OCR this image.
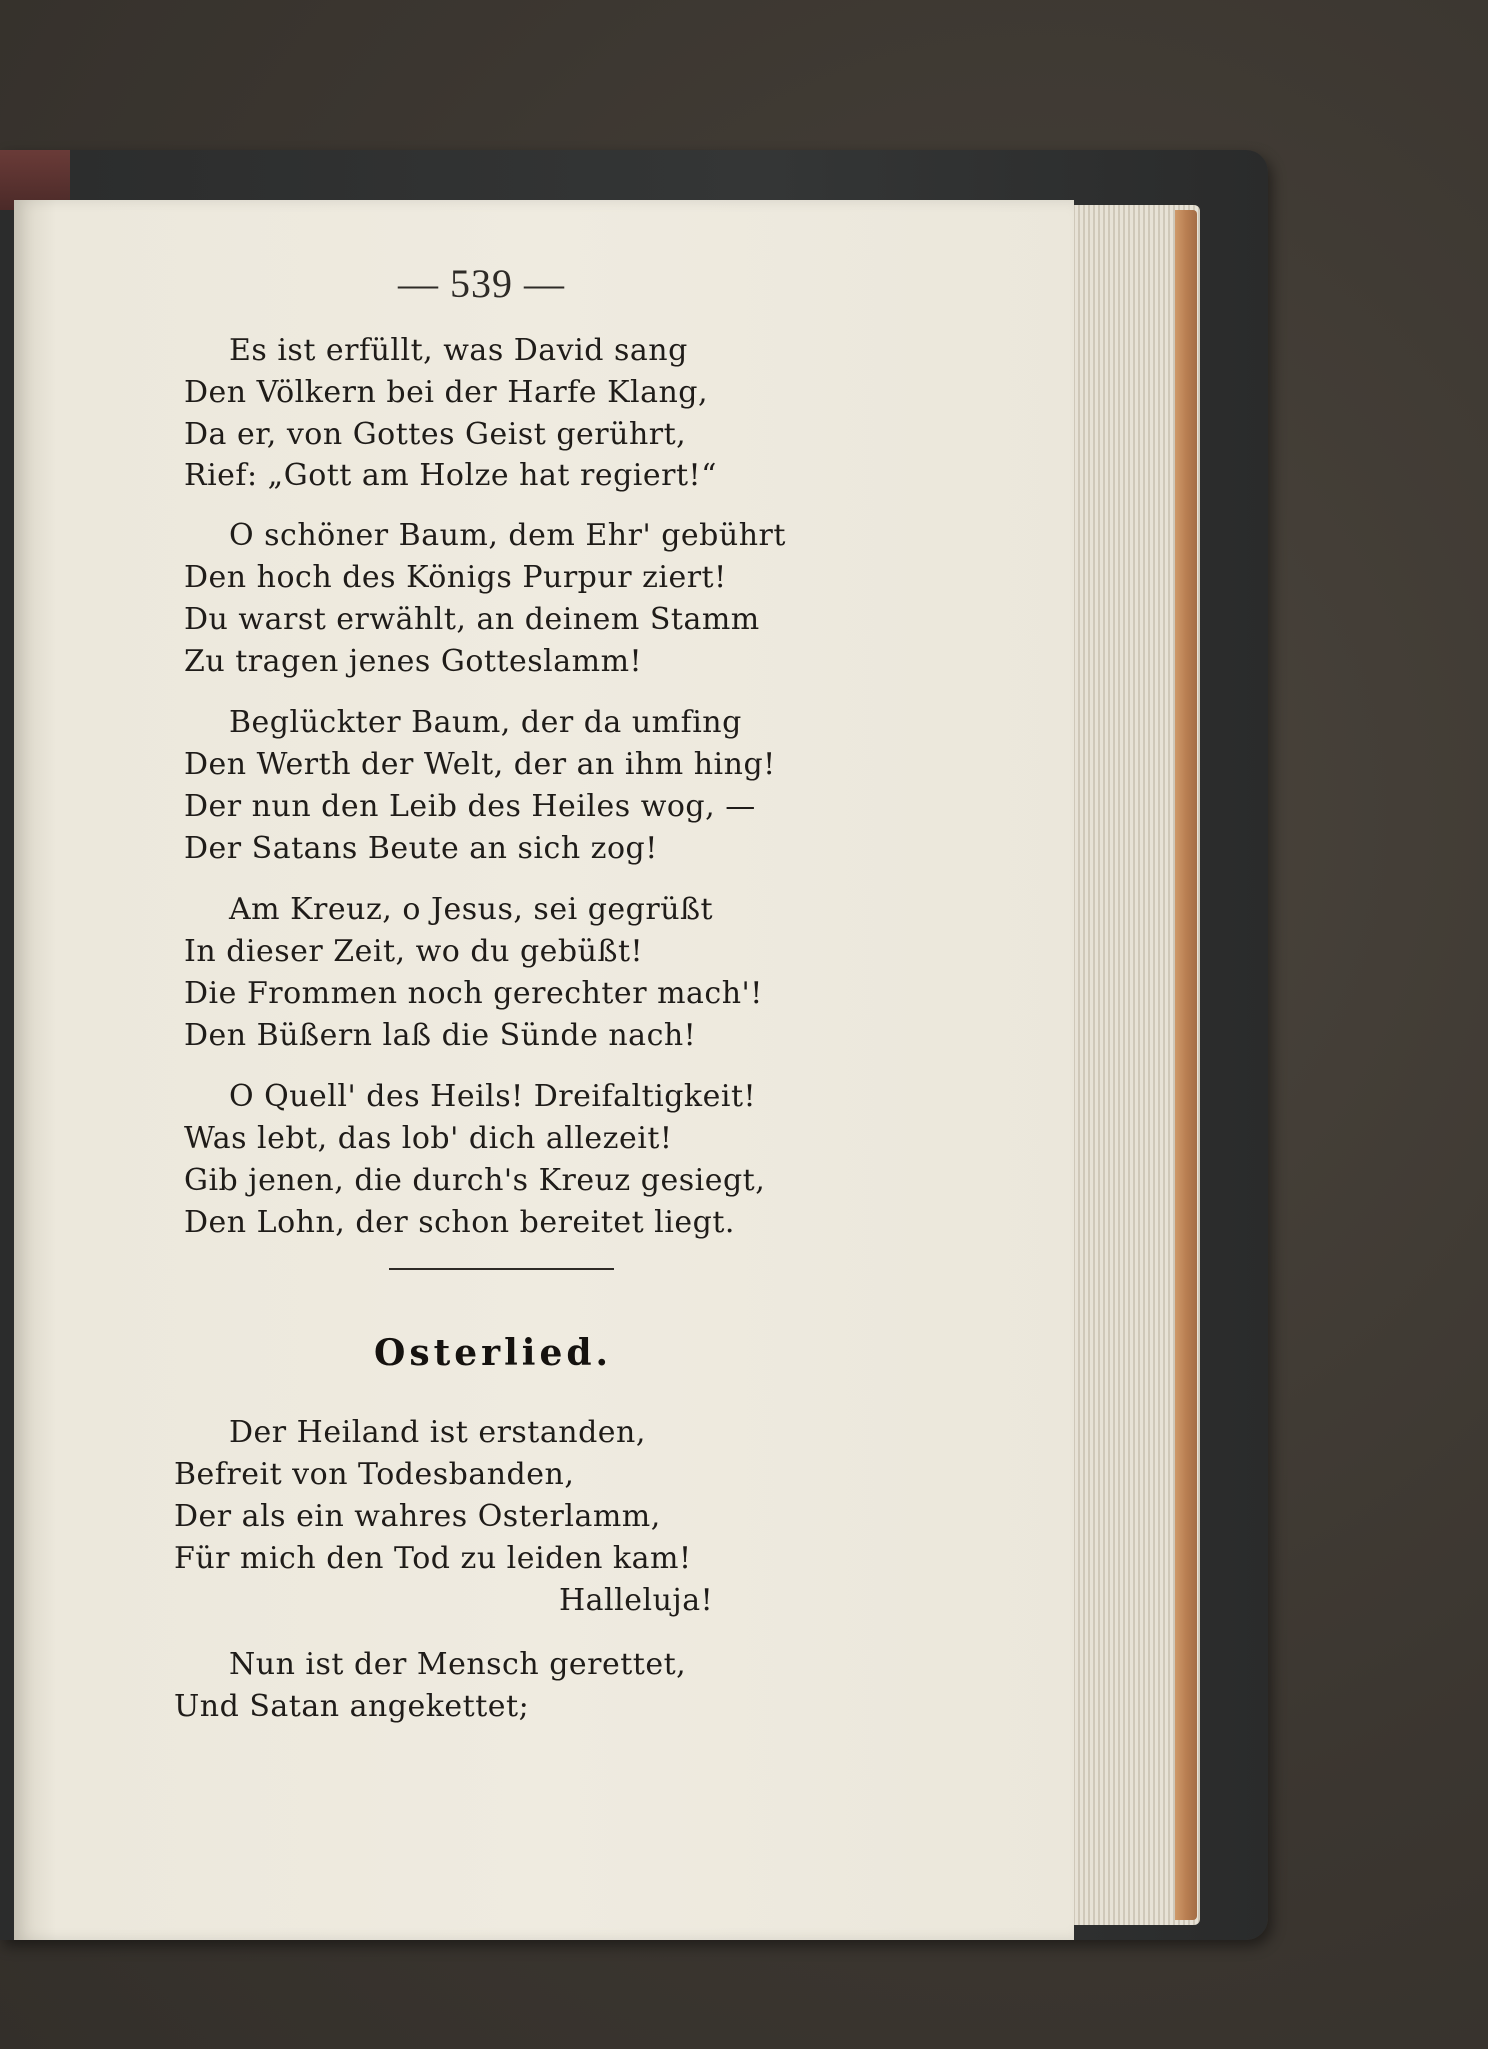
— 539 —
Es ist erfüllt, was David sang
Den Völkern bei der Harfe Klang,
Da er, von Gottes Geist gerührt,
Rief: „Gott am Holze hat regiert!“
O schöner Baum, dem Ehr' gebührt
Den hoch des Königs Purpur ziert!
Du warst erwählt, an deinem Stamm
Zu tragen jenes Gotteslamm!
Beglückter Baum, der da umfing
Den Werth der Welt, der an ihm hing!
Der nun den Leib des Heiles wog, —
Der Satans Beute an sich zog!
Am Kreuz, o Jesus, sei gegrüßt
In dieser Zeit, wo du gebüßt!
Die Frommen noch gerechter mach'!
Den Büßern laß die Sünde nach!
O Quell' des Heils! Dreifaltigkeit!
Was lebt, das lob' dich allezeit!
Gib jenen, die durch's Kreuz gesiegt,
Den Lohn, der schon bereitet liegt.
Osterlied.
Der Heiland ist erstanden,
Befreit von Todesbanden,
Der als ein wahres Osterlamm,
Für mich den Tod zu leiden kam!
Halleluja!
Nun ist der Mensch gerettet,
Und Satan angekettet;
